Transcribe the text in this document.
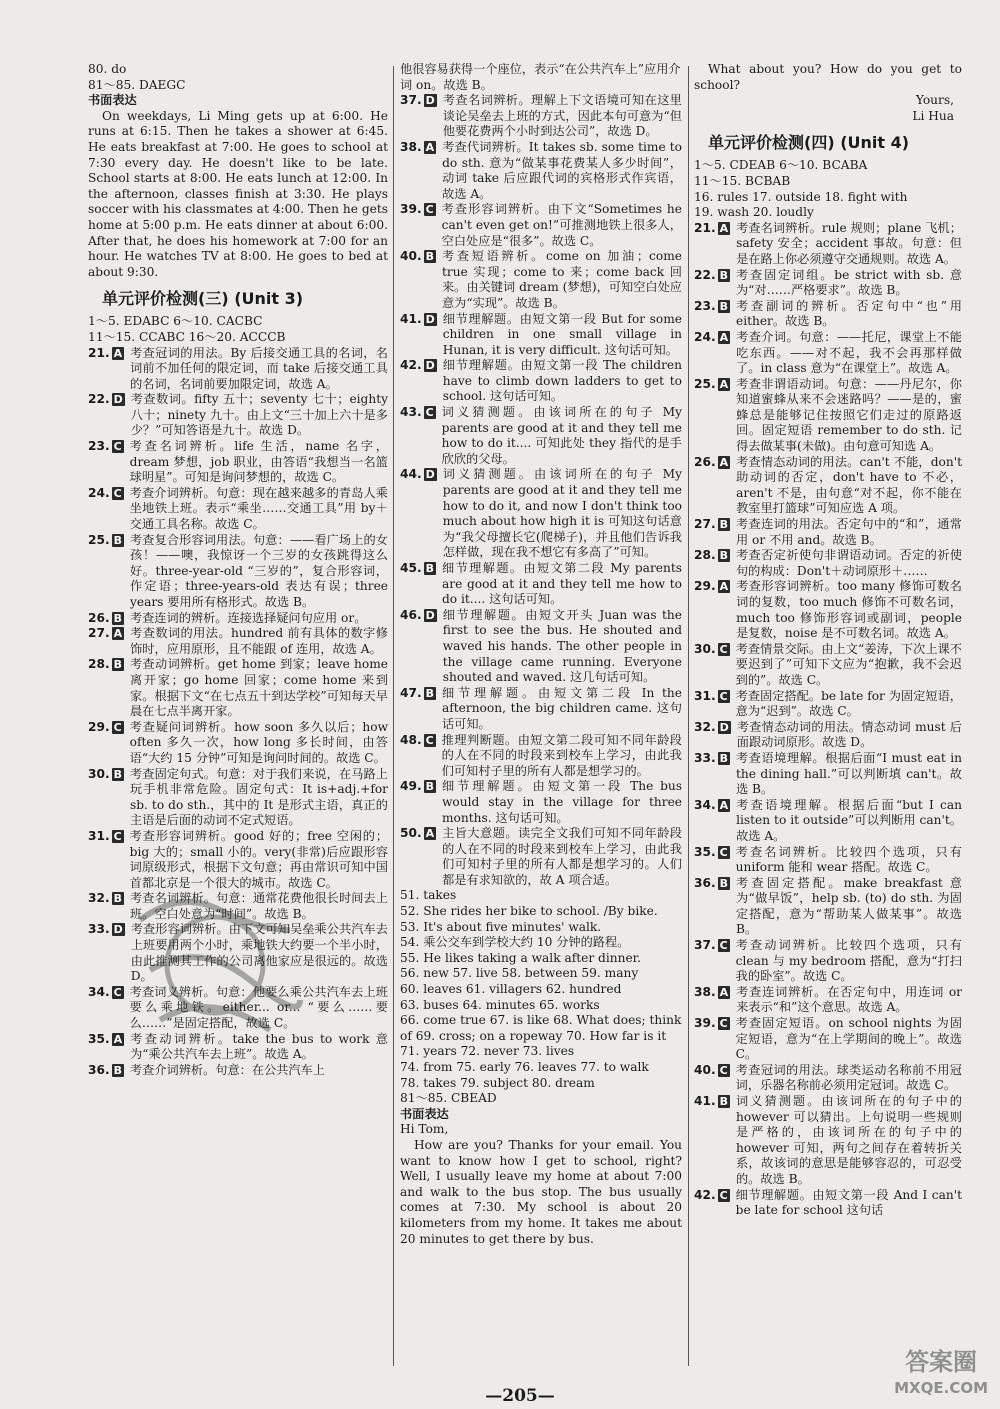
80. do

81～85. DAEGC

书面表达

On weekdays, Li Ming gets up at 6:00. He runs at 6:15. Then he takes a shower at 6:45. He eats breakfast at 7:00. He goes to school at 7:30 every day. He doesn't like to be late. School starts at 8:00. He eats lunch at 12:00. In the afternoon, classes finish at 3:30. He plays soccer with his classmates at 4:00. Then he gets home at 5:00 p.m. He eats dinner at about 6:00. After that, he does his homework at 7:00 for an hour. He watches TV at 8:00. He goes to bed at about 9:30.

单元评价检测(三) (Unit 3)

1～5. EDABC 6～10. CACBC

11～15. CCABC 16～20. ACCCB

21. A 考查冠词的用法。By 后接交通工具的名词，名词前不加任何的限定词，而 take 后接交通工具的名词，名词前要加限定词，故选 A。
22. D 考查数词。fifty 五十；seventy 七十；eighty 八十；ninety 九十。由上文“三十加上六十是多少？”可知答语是九十。故选 D。
23. C 考查名词辨析。life 生活，name 名字，dream 梦想，job 职业，由答语“我想当一名篮球明星”。可知是询问梦想的，故选 C。
24. C 考查介词辨析。句意：现在越来越多的青岛人乘坐地铁上班。表示“乘坐……交通工具”用 by＋交通工具名称。故选 C。
25. B 考查复合形容词用法。句意：——看广场上的女孩！——噢，我惊讶一个三岁的女孩跳得这么好。three-year-old “三岁的”，复合形容词，作定语；three-years-old 表达有误；three years 要用所有格形式。故选 B。
26. B 考查连词的辨析。连接选择疑问句应用 or。
27. A 考查数词的用法。hundred 前有具体的数字修饰时，应用原形，且不能跟 of 连用，故选 A。
28. B 考查动词辨析。get home 到家；leave home 离开家；go home 回家；come home 来到家。根据下文“在七点五十到达学校”可知每天早晨在七点半离开家。
29. C 考查疑问词辨析。how soon 多久以后；how often 多久一次，how long 多长时间，由答语“大约 15 分钟”可知是询问时间的。故选 C。
30. B 考查固定句式。句意：对于我们来说，在马路上玩手机非常危险。固定句式：It is+adj.+for sb. to do sth.，其中的 It 是形式主语，真正的主语是后面的动词不定式短语。
31. C 考查形容词辨析。good 好的；free 空闲的；big 大的；small 小的。very(非常)后应跟形容词原级形式，根据下文句意；再由常识可知中国首都北京是一个很大的城市。故选 C。
32. B 考查名词辨析。句意：通常花费他很长时间去上班。空白处意为“时间”。故选 B。
33. D 考查形容词辨析。由下文可知吴垒乘公共汽车去上班要用两个小时，乘地铁大约要一个半小时，由此推测其工作的公司离他家应是很远的。故选 D。
34. C 考查词义辨析。句意：他要么乘公共汽车去上班要么乘地铁。either... or... “要么……要么……”是固定搭配，故选 C。
35. A 考查动词辨析。take the bus to work 意为“乘公共汽车去上班”。故选 A。
36. B 考查介词辨析。句意：在公共汽车上

他很容易获得一个座位，表示“在公共汽车上”应用介词 on。故选 B。

37. D 考查名词辨析。理解上下文语境可知在这里谈论吴垒去上班的方式，因此本句可意为“但他要花费两个小时到达公司”，故选 D。
38. A 考查代词辨析。It takes sb. some time to do sth. 意为“做某事花费某人多少时间”，动词 take 后应跟代词的宾格形式作宾语，故选 A。
39. C 考查形容词辨析。由下文“Sometimes he can't even get on!”可推测地铁上很多人，空白处应是“很多”。故选 C。
40. B 考查短语辨析。come on 加油；come true 实现；come to 来；come back 回来。由关键词 dream (梦想)，可知空白处应意为“实现”。故选 B。
41. D 细节理解题。由短文第一段 But for some children in one small village in Hunan, it is very difficult. 这句话可知。
42. D 细节理解题。由短文第一段 The children have to climb down ladders to get to school. 这句话可知。
43. C 词义猜测题。由该词所在的句子 My parents are good at it and they tell me how to do it.... 可知此处 they 指代的是手欣欣的父母。
44. D 词义猜测题。由该词所在的句子 My parents are good at it and they tell me how to do it, and now I don't think too much about how high it is 可知这句话意为“我父母擅长它(爬梯子)，并且他们告诉我怎样做，现在我不想它有多高了”可知。
45. B 细节理解题。由短文第二段 My parents are good at it and they tell me how to do it.... 这句话可知。
46. D 细节理解题。由短文开头 Juan was the first to see the bus. He shouted and waved his hands. The other people in the village came running. Everyone shouted and waved. 这几句话可知。
47. B 细节理解题。由短文第二段 In the afternoon, the big children came. 这句话可知。
48. C 推理判断题。由短文第二段可知不同年龄段的人在不同的时段来到校车上学习，由此我们可知村子里的所有人都是想学习的。
49. B 细节理解题。由短文第一段 The bus would stay in the village for three months. 这句话可知。
50. A 主旨大意题。读完全文我们可知不同年龄段的人在不同的时段来到校车上学习，由此我们可知村子里的所有人都是想学习的。人们都是有求知欲的，故 A 项合适。

51. takes

52. She rides her bike to school. /By bike.

53. It's about five minutes' walk.

54. 乘公交车到学校大约 10 分钟的路程。

55. He likes taking a walk after dinner.

56. new 57. live 58. between 59. many

60. leaves 61. villagers 62. hundred

63. buses 64. minutes 65. works

66. come true 67. is like 68. What does; think of 69. cross; on a ropeway 70. How far is it 71. years 72. never 73. lives

74. from 75. early 76. leaves 77. to walk

78. takes 79. subject 80. dream

81～85. CBEAD

书面表达

Hi Tom,

How are you? Thanks for your email. You want to know how I get to school, right? Well, I usually leave my home at about 7:00 and walk to the bus stop. The bus usually comes at 7:30. My school is about 20 kilometers from my home. It takes me about 20 minutes to get there by bus.

What about you? How do you get to school?

Yours,

Li Hua

单元评价检测(四) (Unit 4)

1～5. CDEAB 6～10. BCABA

11～15. BCBAB

16. rules 17. outside 18. fight with

19. wash 20. loudly

21. A 考查名词辨析。rule 规则；plane 飞机；safety 安全；accident 事故。句意：但是在路上你必须遵守交通规则。故选 A。
22. B 考查固定词组。be strict with sb. 意为“对……严格要求”。故选 B。
23. B 考查副词的辨析。否定句中“也”用 either。故选 B。
24. A 考查介词。句意：——托尼，课堂上不能吃东西。——对不起，我不会再那样做了。in class 意为“在课堂上”。故选 A。
25. A 考查非谓语动词。句意：——丹尼尔，你知道蜜蜂从来不会迷路吗？——是的，蜜蜂总是能够记住按照它们走过的原路返回。固定短语 remember to do sth. 记得去做某事(未做)。由句意可知选 A。
26. A 考查情态动词的用法。can't 不能，don't 助动词的否定，don't have to 不必，aren't 不是，由句意“对不起，你不能在教室里打篮球”可知应选 A 项。
27. B 考查连词的用法。否定句中的“和”，通常用 or 不用 and。故选 B。
28. B 考查否定祈使句非谓语动词。否定的祈使句的构成：Don't＋动词原形＋……
29. A 考查形容词辨析。too many 修饰可数名词的复数，too much 修饰不可数名词，much too 修饰形容词或副词，people 是复数，noise 是不可数名词。故选 A。
30. C 考查情景交际。由上文“姜涛，下次上课不要迟到了”可知下文应为“抱歉，我不会迟到的”。故选 C。
31. C 考查固定搭配。be late for 为固定短语，意为“迟到”。故选 C。
32. D 考查情态动词的用法。情态动词 must 后面跟动词原形。故选 D。
33. B 考查语境理解。根据后面“I must eat in the dining hall.”可以判断填 can't。故选 B。
34. A 考查语境理解。根据后面“but I can listen to it outside”可以判断用 can't。故选 A。
35. C 考查名词辨析。比较四个选项，只有 uniform 能和 wear 搭配。故选 C。
36. B 考查固定搭配。make breakfast 意为“做早饭”，help sb. (to) do sth. 为固定搭配，意为“帮助某人做某事”。故选 B。
37. C 考查动词辨析。比较四个选项，只有 clean 与 my bedroom 搭配，意为“打扫我的卧室”。故选 C。
38. A 考查连词辨析。在否定句中，用连词 or 来表示“和”这个意思。故选 A。
39. C 考查固定短语。on school nights 为固定短语，意为“在上学期间的晚上”。故选 C。
40. C 考查冠词的用法。球类运动名称前不用冠词，乐器名称前必须用定冠词。故选 C。
41. B 词义猜测题。由该词所在的句子中的 however 可以猜出。上句说明一些规则是严格的，由该词所在的句子中的 however 可知，两句之间存在着转折关系，故该词的意思是能够容忍的，可忍受的。故选 B。
42. C 细节理解题。由短文第一段 And I can't be late for school 这句话
—205—
答案圈
MXQE.COM
